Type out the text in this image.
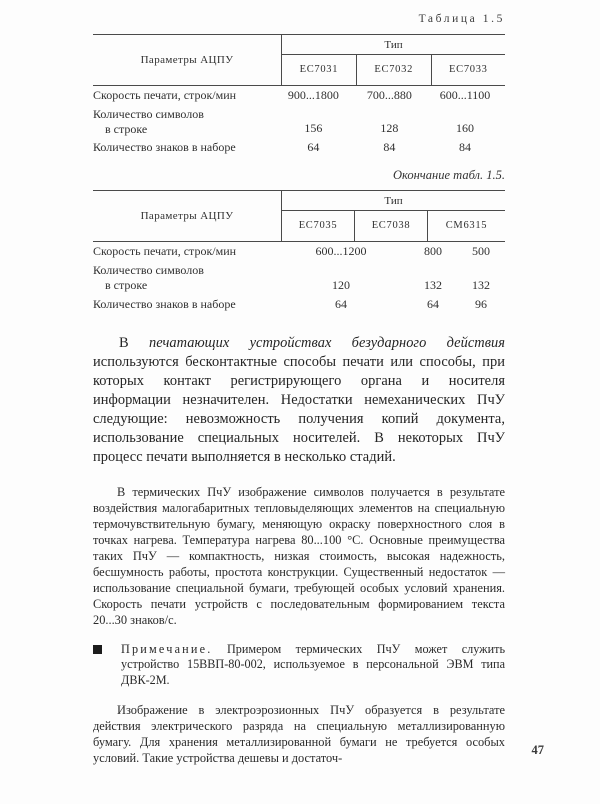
Таблица 1.5
Параметры АЦПУ	Тип		
	ЕС7031	ЕС7032	ЕС7033
Скорость печати, строк/мин	900...1800	700...880	600...1100

Количество символов
в строке	156	128	160
Количество знаков в наборе	64	84	84
Окончание табл. 1.5.
Параметры АЦПУ	Тип		
	ЕС7035	ЕС7038	СМ6315
Скорость печати, строк/мин	600...1200	800	500

Количество символов
в строке	120	132	132
Количество знаков в наборе	64	64	96

В печатающих устройствах безударного действия используются бесконтактные способы печати или способы, при которых контакт регистрирующего органа и носителя информации незначителен. Недостатки немеханических ПчУ следующие: невозможность получения копий документа, использование специальных носителей. В некоторых ПчУ процесс печати выполняется в несколько стадий.

В термических ПчУ изображение символов получается в результате воздействия малогабаритных тепловыделяющих элементов на специальную термочувствительную бумагу, меняющую окраску поверхностного слоя в точках нагрева. Температура нагрева 80...100 °С. Основные преимущества таких ПчУ — компактность, низкая стоимость, высокая надежность, бесшумность работы, простота конструкции. Существенный недостаток — использование специальной бумаги, требующей особых условий хранения. Скорость печати устройств с последовательным формированием текста 20...30 знаков/с.

Примечание. Примером термических ПчУ может служить устройство 15ВВП-80-002, используемое в персональной ЭВМ типа ДВК-2М.

Изображение в электроэрозионных ПчУ образуется в результате действия электрического разряда на специальную металлизированную бумагу. Для хранения металлизированной бумаги не требуется особых условий. Такие устройства дешевы и достаточ-

47
